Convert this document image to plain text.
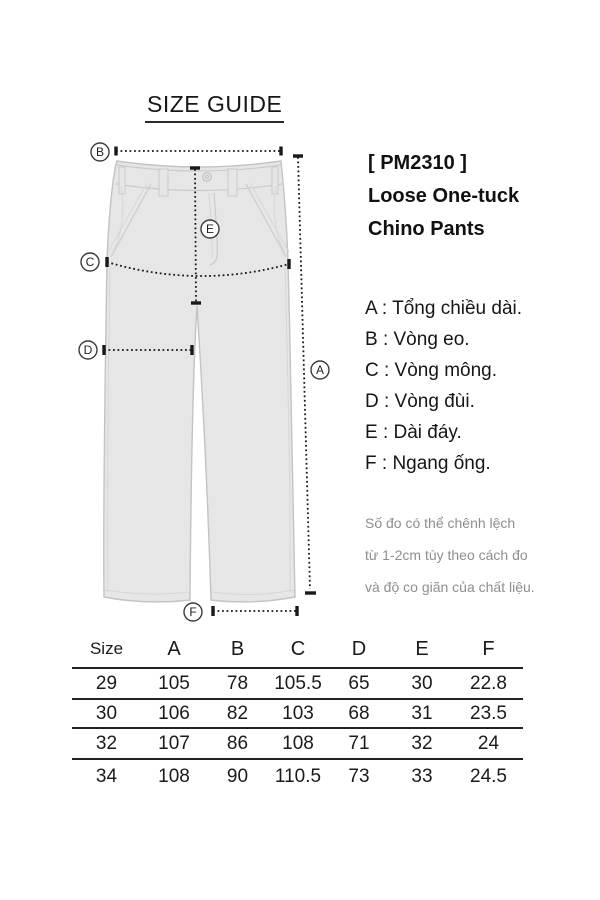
SIZE GUIDE
B
C
D
E
A
F
[ PM2310 ]
Loose One-tuck
Chino Pants
A : Tổng chiều dài.
B : Vòng eo.
C : Vòng mông.
D : Vòng đùi.
E : Dài đáy.
F : Ngang ống.
Số đo có thể chênh lệch
từ 1-2cm tùy theo cách đo
và độ co giãn của chất liệu.
Size	A	B	C	D	E	F
29	105	78	105.5	65	30	22.8
30	106	82	103	68	31	23.5
32	107	86	108	71	32	24
34	108	90	110.5	73	33	24.5
